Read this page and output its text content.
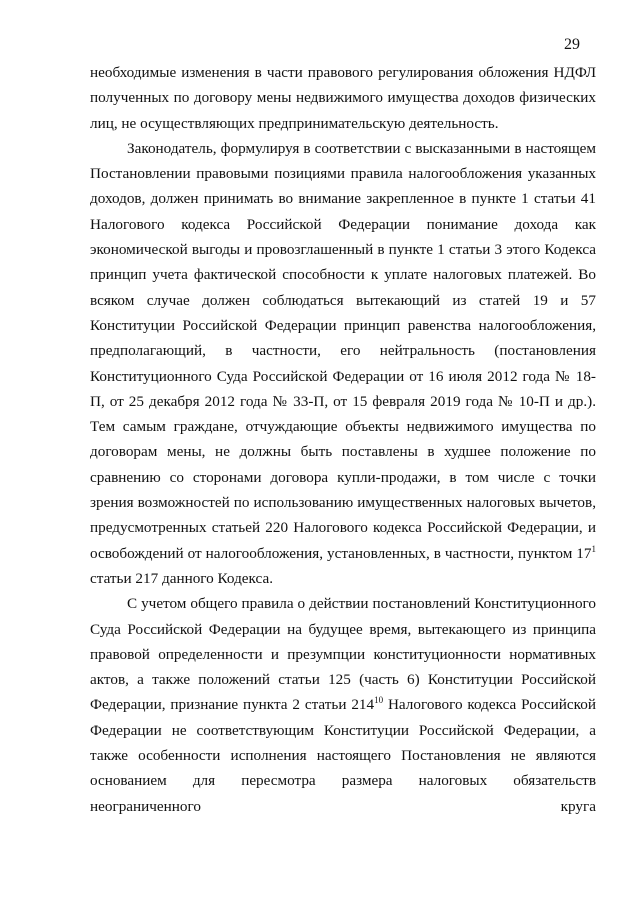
29

необходимые изменения в части правового регулирования обложения НДФЛ полученных по договору мены недвижимого имущества доходов физических лиц, не осуществляющих предпринимательскую деятельность.

Законодатель, формулируя в соответствии с высказанными в настоящем Постановлении правовыми позициями правила налогообложения указанных доходов, должен принимать во внимание закрепленное в пункте 1 статьи 41 Налогового кодекса Российской Федерации понимание дохода как экономической выгоды и провозглашенный в пункте 1 статьи 3 этого Кодекса принцип учета фактической способности к уплате налоговых платежей. Во всяком случае должен соблюдаться вытекающий из статей 19 и 57 Конституции Российской Федерации принцип равенства налогообложения, предполагающий, в частности, его нейтральность (постановления Конституционного Суда Российской Федерации от 16 июля 2012 года № 18-П, от 25 декабря 2012 года № 33-П, от 15 февраля 2019 года № 10-П и др.). Тем самым граждане, отчуждающие объекты недвижимого имущества по договорам мены, не должны быть поставлены в худшее положение по сравнению со сторонами договора купли-продажи, в том числе с точки зрения возможностей по использованию имущественных налоговых вычетов, предусмотренных статьей 220 Налогового кодекса Российской Федерации, и освобождений от налогообложения, установленных, в частности, пунктом $17^1$ статьи 217 данного Кодекса.

С учетом общего правила о действии постановлений Конституционного Суда Российской Федерации на будущее время, вытекающего из принципа правовой определенности и презумпции конституционности нормативных актов, а также положений статьи 125 (часть 6) Конституции Российской Федерации, признание пункта 2 статьи $214^{10}$ Налогового кодекса Российской Федерации не соответствующим Конституции Российской Федерации, а также особенности исполнения настоящего Постановления не являются основанием для пересмотра размера налоговых обязательств неограниченного круга
